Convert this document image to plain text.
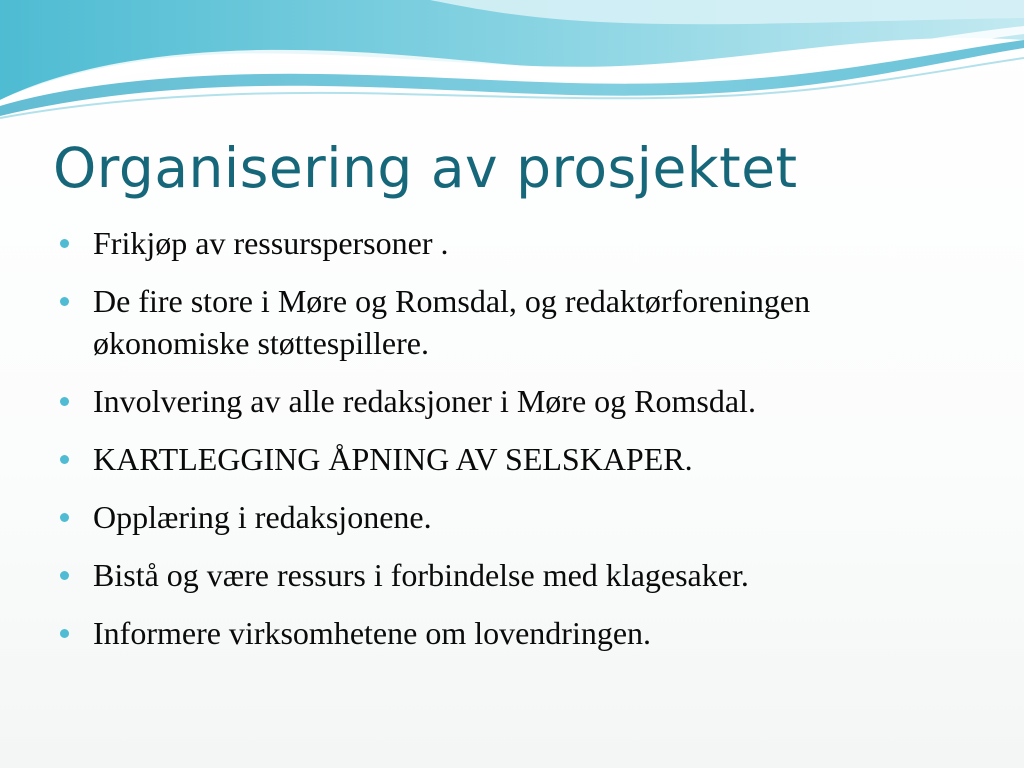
Organisering av prosjektet
Frikjøp av ressurspersoner .
De fire store i Møre og Romsdal, og redaktørforeningen økonomiske støttespillere.
Involvering av alle redaksjoner i Møre og Romsdal.
KARTLEGGING ÅPNING AV SELSKAPER.
Opplæring i redaksjonene.
Bistå og være ressurs i forbindelse med klagesaker.
Informere virksomhetene om lovendringen.
